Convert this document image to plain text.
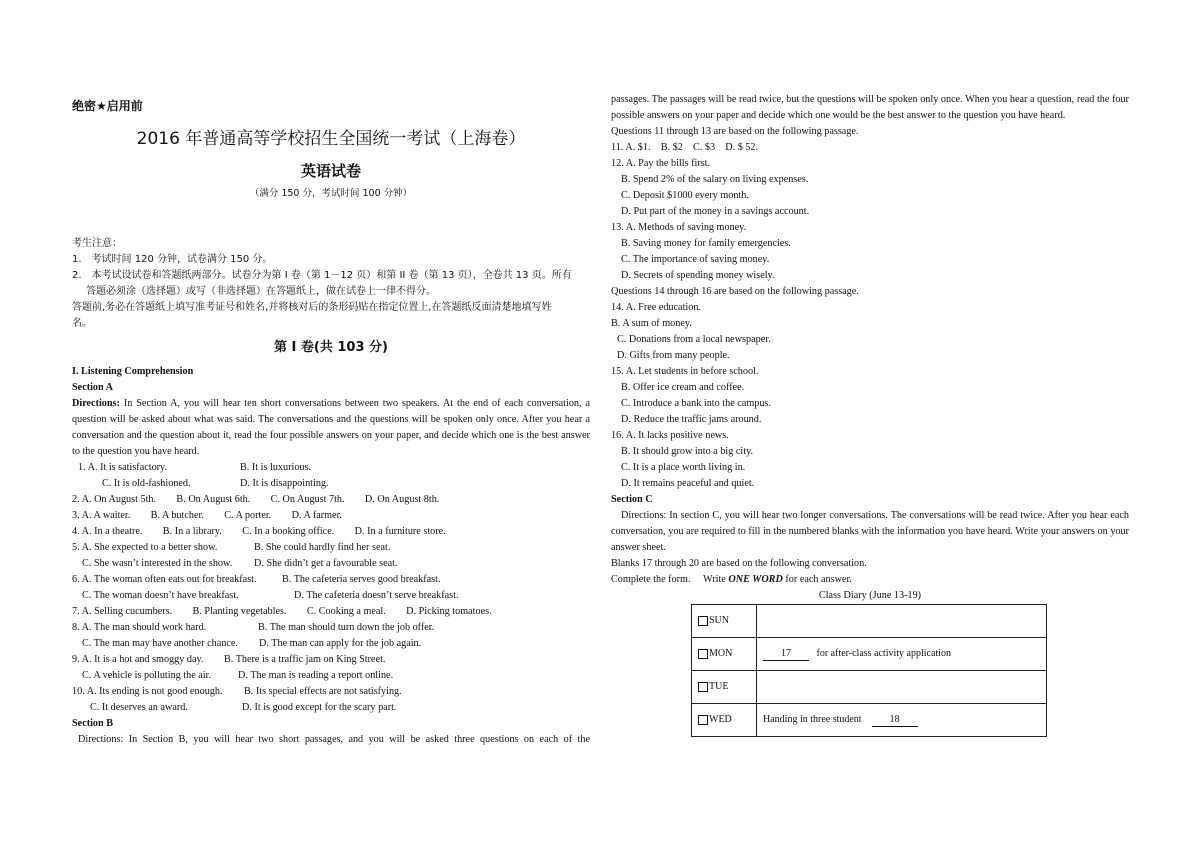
绝密★启用前
2016 年普通高等学校招生全国统一考试（上海卷）
英语试卷
（满分 150 分，考试时间 100 分钟）
考生注意：
1.　考试时间 120 分钟，试卷满分 150 分。
2.　本考试设试卷和答题纸两部分。试卷分为第 I 卷（第 1－12 页）和第 II 卷（第 13 页），全卷共 13 页。所有
答题必须涂（选择题）或写（非选择题）在答题纸上，做在试卷上一律不得分。
答题前,务必在答题纸上填写准考证号和姓名,并将核对后的条形码贴在指定位置上,在答题纸反面清楚地填写姓
名。
第 I 卷(共 103 分)
I. Listening Comprehension
Section A
Directions: In Section A, you will hear ten short conversations between two speakers. At the end of each conversation, a question will be asked about what was said. The conversations and the questions will be spoken only once. After you hear a conversation and the question about it, read the four possible answers on your paper, and decide which one is the best answer to the question you have heard.
1. A. It is satisfactory.	B. It is luxurious.
C. It is old-fashioned.	D. It is disappointing.
2. A. On August 5th.　　B. On August 6th.　　C. On August 7th.　　D. On August 8th.
3. A. A waiter.　　B. A butcher.　　C. A porter.　　D. A farmer.
4. A. In a theatre.　　B. In a library.　　C. In a booking office.　　D. In a furniture store.
5. A. She expected to a better show.	B. She could hardly find her seat.
C. She wasn’t interested in the show.	D. She didn’t get a favourable seat.
6. A. The woman often eats out for breakfast.	B. The cafeteria serves good breakfast.
C. The woman doesn’t have breakfast.	D. The cafeteria doesn’t serve breakfast.
7. A. Selling cucumbers.　　B. Planting vegetables.　　C. Cooking a meal.　　D. Picking tomatoes.
8. A. The man should work hard.	B. The man should turn down the job offer.
C. The man may have another chance.	D. The man can apply for the job again.
9. A. It is a hot and smoggy day.	B. There is a traffic jam on King Street.
C. A vehicle is polluting the air.	D. The man is reading a report online.
10. A. Its ending is not good enough.	B. Its special effects are not satisfying.
C. It deserves an award.	D. It is good except for the scary part.
Section B
Directions: In Section B, you will hear two short passages, and you will be asked three questions on each of the
passages. The passages will be read twice, but the questions will be spoken only once. When you hear a question, read the four possible answers on your paper and decide which one would be the best answer to the question you have heard.
Questions 11 through 13 are based on the following passage.
11. A. $1.　B. $2　C. $3　D. $ 52.
12. A. Pay the bills first.
B. Spend 2% of the salary on living expenses.
C. Deposit $1000 every month.
D. Put part of the money in a savings account.
13. A. Methods of saving money.
B. Saving money for family emergencies.
C. The importance of saving money.
D. Secrets of spending money wisely.
Questions 14 through 16 are based on the following passage.
14. A. Free education.
B. A sum of money.
C. Donations from a local newspaper.
D. Gifts from many people.
15. A. Let students in before school.
B. Offer ice cream and coffee.
C. Introduce a bank into the campus.
D. Reduce the traffic jams around.
16. A. It lacks positive news.
B. It should grow into a big city.
C. It is a place worth living in.
D. It remains peaceful and quiet.
Section C
Directions: In section C, you will hear two longer conversations. The conversations will be read twice. After you hear each conversation, you are required to fill in the numbered blanks with the information you have heard. Write your answers on your answer sheet.
Blanks 17 through 20 are based on the following conversation.
Complete the form.　 Write ONE WORD for each answer.
Class Diary (June 13-19)
SUN	
MON	17 for after-class activity application
TUE	
WED	Handing in three student 18
